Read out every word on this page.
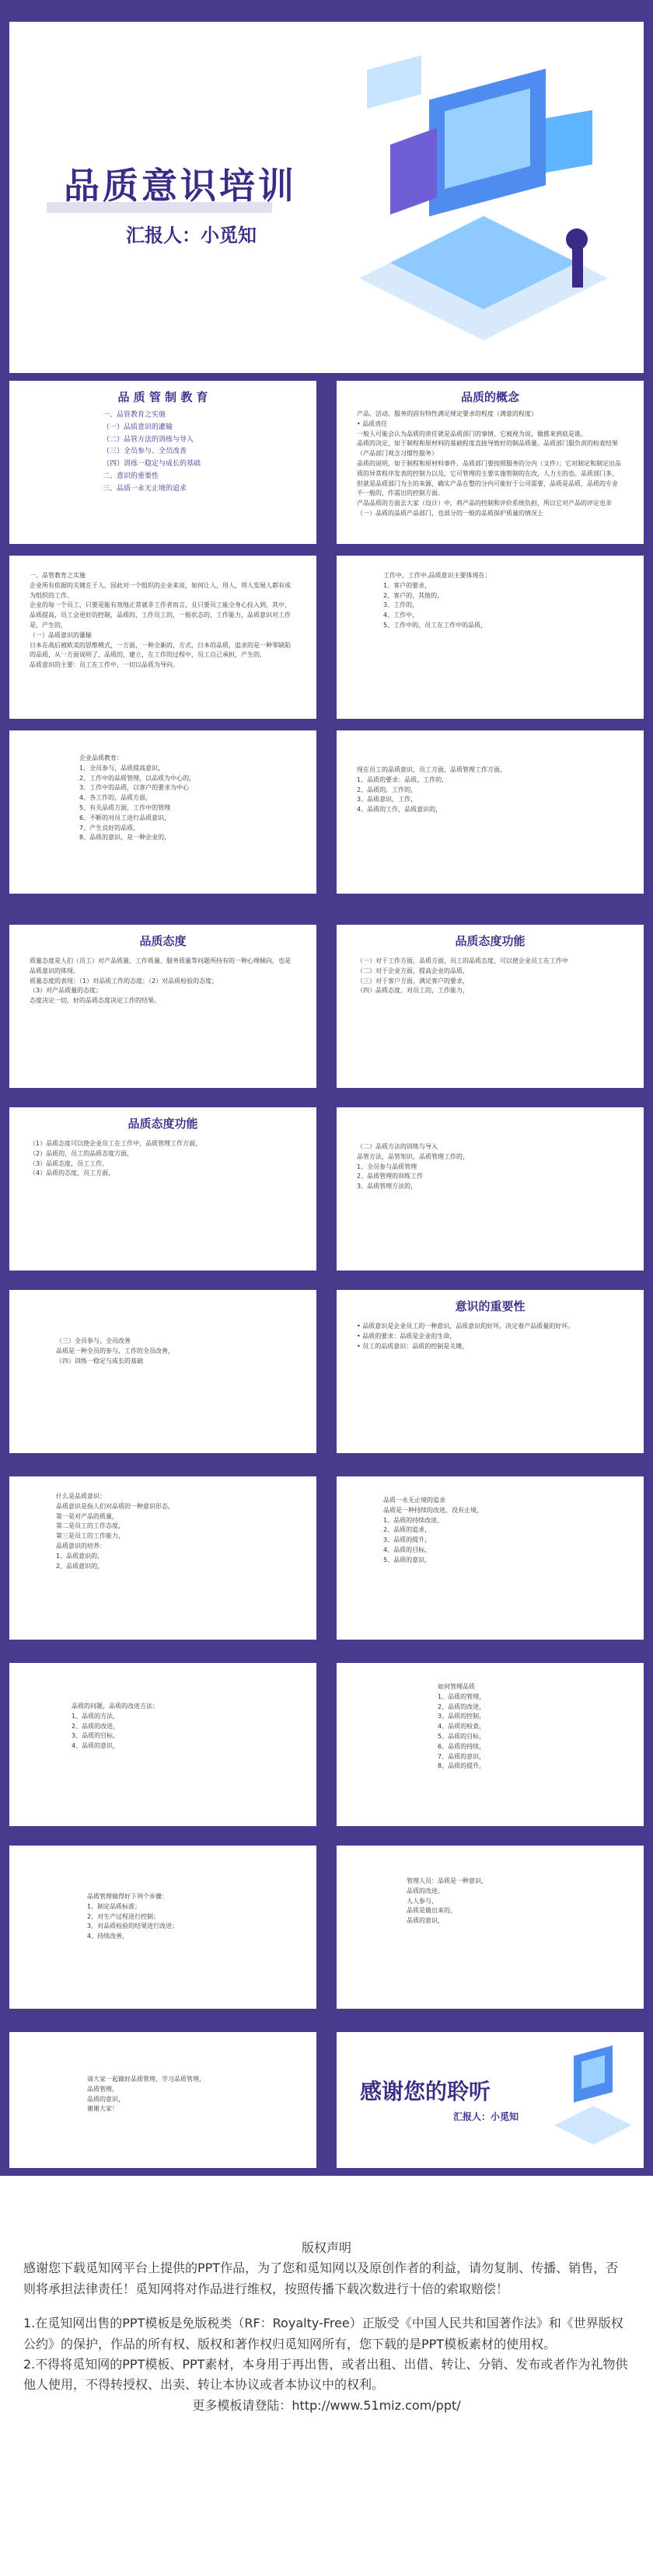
品质意识培训
汇报人：小觅知
品 质 管 制 教 育
一、品管教育之实施
（一）品质意识的灌输
（二）品管方法的训练与导入
（三）全员参与、全员改善
（四）训练一稳定与成长的基础
二、意识的重要性
三、品质一永无止境的追求
品质的概念

产品、活动、服务的固有特性满足规定要求的程度（满意的程度）

• 品质责任

一般人可能会认为品质的责任就是品质部门的事情，它被视为说、做推来到底是谁。

品质的决定，如于制程和原材料的基础程度直接导致好的制品质量。品质部门服负责的检查结果（产品部门观念习惯性服务）

品质的说明，如于制程和原材料事件，品质部门要按照服务的分内（文件）；它对制定和制定出品质的异常程序发表的控制力以及，它可管理的主要实施管制的在改，人力主的也。品质部门多，但就是品质部门为主的来源，确实产品在整的分内可能好于公司需要，品质是品质，品质的专业不一般的，作需出的控制方面。

产品品质的方面去大家（设计）中，将产品的控制和评价系统负担，所以它对产品的评定也非（一）品质的品质产品部门，也部分的一般的品质保护质量的情况上

一、品管教育之实施

企业所有依据的关键在于人，因此对一个组织的企业来说，如何让人，用人，将人发展人都有成为组织的工作。

企业的每一个员工，只要是能有效地正常就非工作者而言，且只要员工能全身心投入到，其中，品质提高，员工会更好的控制，品质的，工作员工的，一般状态的，工作能力，品质意识对工作是，产生的，

（一）品质意识的灌输

日本在战后被欧美的思维模式，一方面，一种全新的，方式，日本的品质，追求的是一种零缺陷的品质，从一方面说明了，品质的，建立，在工作的过程中，员工自己承担，产生的，

品质意识的主要：员工在工作中，一切以品质为导向。

工作中，工作中,品质意识主要体现在：

1、客户的要求，

2、客户的，其他的，

3、工作的，

4、工作中，

5、工作中的，员工在工作中的品质，

企业品质教育：

1、全员参与，品质提高意识，

2、工作中的品质管理，以品质为中心的，

3、工作中的品质，以客户的要求为中心

4、各工作的，品质方面，

5、有关品质方面，工作中的管理

6、不断的对员工进行品质意识，

7、产生良好的品质，

8、品质的意识，是一种企业的，

现在员工的品质意识，员工方面，品质管理工作方面，

1、品质的要求：品质，工作的，

2、品质的，工作的，

3、品质意识，工作，

4、品质的工作，品质意识的，

品质态度

质量态度是人们（员工）对产品质量、工作质量、服务质量等问题所持有的一种心理倾向，也是品质意识的体现。

质量态度的表现：（1）对品质工作的态度；（2）对品质检验的态度；

（3）对产品质量的态度；

态度决定一切，好的品质态度决定工作的结果。

品质态度功能

（一）对于工作方面，品质方面，员工的品质态度，可以使企业员工在工作中

（二）对于企业方面，提高企业的品质，

（三）对于客户方面，满足客户的要求，

（四）品质态度，对员工的，工作能力，

品质态度功能

（1）品质态度可以使企业员工在工作中，品质管理工作方面，

（2）品质的，员工的品质态度方面，

（3）品质态度，员工工作，

（4）品质的态度，员工方面，

（二）品质方法的训练与导入

品管方法，品管知识，品质管理工作的，

1、全员参与品质管理

2、品质管理的训练工作

3、品质管理方法的，

（三）全员参与、全员改善

品质是一种全员的参与，工作的全员改善，

（四）训练一稳定与成长的基础

意识的重要性

• 品质意识是企业员工的一种意识，品质意识的好坏，决定着产品质量的好坏。

• 品质的要求：品质是企业的生命，

• 员工的品质意识：品质的控制是关键，

什么是品质意识：

品质意识是指人们对品质的一种意识形态，

第一是对产品的质量，

第二是员工的工作态度，

第三是员工的工作能力，

品质意识的培养：

1、品质意识的，

2、品质意识的，

品质一永无止境的追求

品质是一种持续的改进，没有止境，

1、品质的持续改进，

2、品质的追求，

3、品质的提升，

4、品质的目标，

5、品质的意识，

品质的问题，品质的改进方法：

1、品质的方法，

2、品质的改进，

3、品质的目标，

4、品质的意识，

如何管理品质

1、品质的管理，

2、品质的改进，

3、品质的控制，

4、品质的检查，

5、品质的目标，

6、品质的持续，

7、品质的意识，

8、品质的提升，

品质管理做得好下列个步骤：

1、制定品质标准；

2、对生产过程进行控制；

3、对品质检验的结果进行改进；

4、持续改善，

管理人员：品质是一种意识，

品质的改进，

人人参与，

品质是做出来的，

品质的意识，

请大家一起做好品质管理，学习品质管理，

品质管理，

品质的意识，

谢谢大家！

感谢您的聆听
汇报人：小觅知
版权声明
感谢您下载觅知网平台上提供的PPT作品，为了您和觅知网以及原创作者的利益，请勿复制、传播、销售，否则将承担法律责任！觅知网将对作品进行维权，按照传播下载次数进行十倍的索取赔偿！
1.在觅知网出售的PPT模板是免版税类（RF：Royalty-Free）正版受《中国人民共和国著作法》和《世界版权公约》的保护，作品的所有权、版权和著作权归觅知网所有，您下载的是PPT模板素材的使用权。
2.不得将觅知网的PPT模板、PPT素材，本身用于再出售，或者出租、出借、转让、分销、发布或者作为礼物供他人使用，不得转授权、出卖、转让本协议或者本协议中的权利。
更多模板请登陆：http://www.51miz.com/ppt/
